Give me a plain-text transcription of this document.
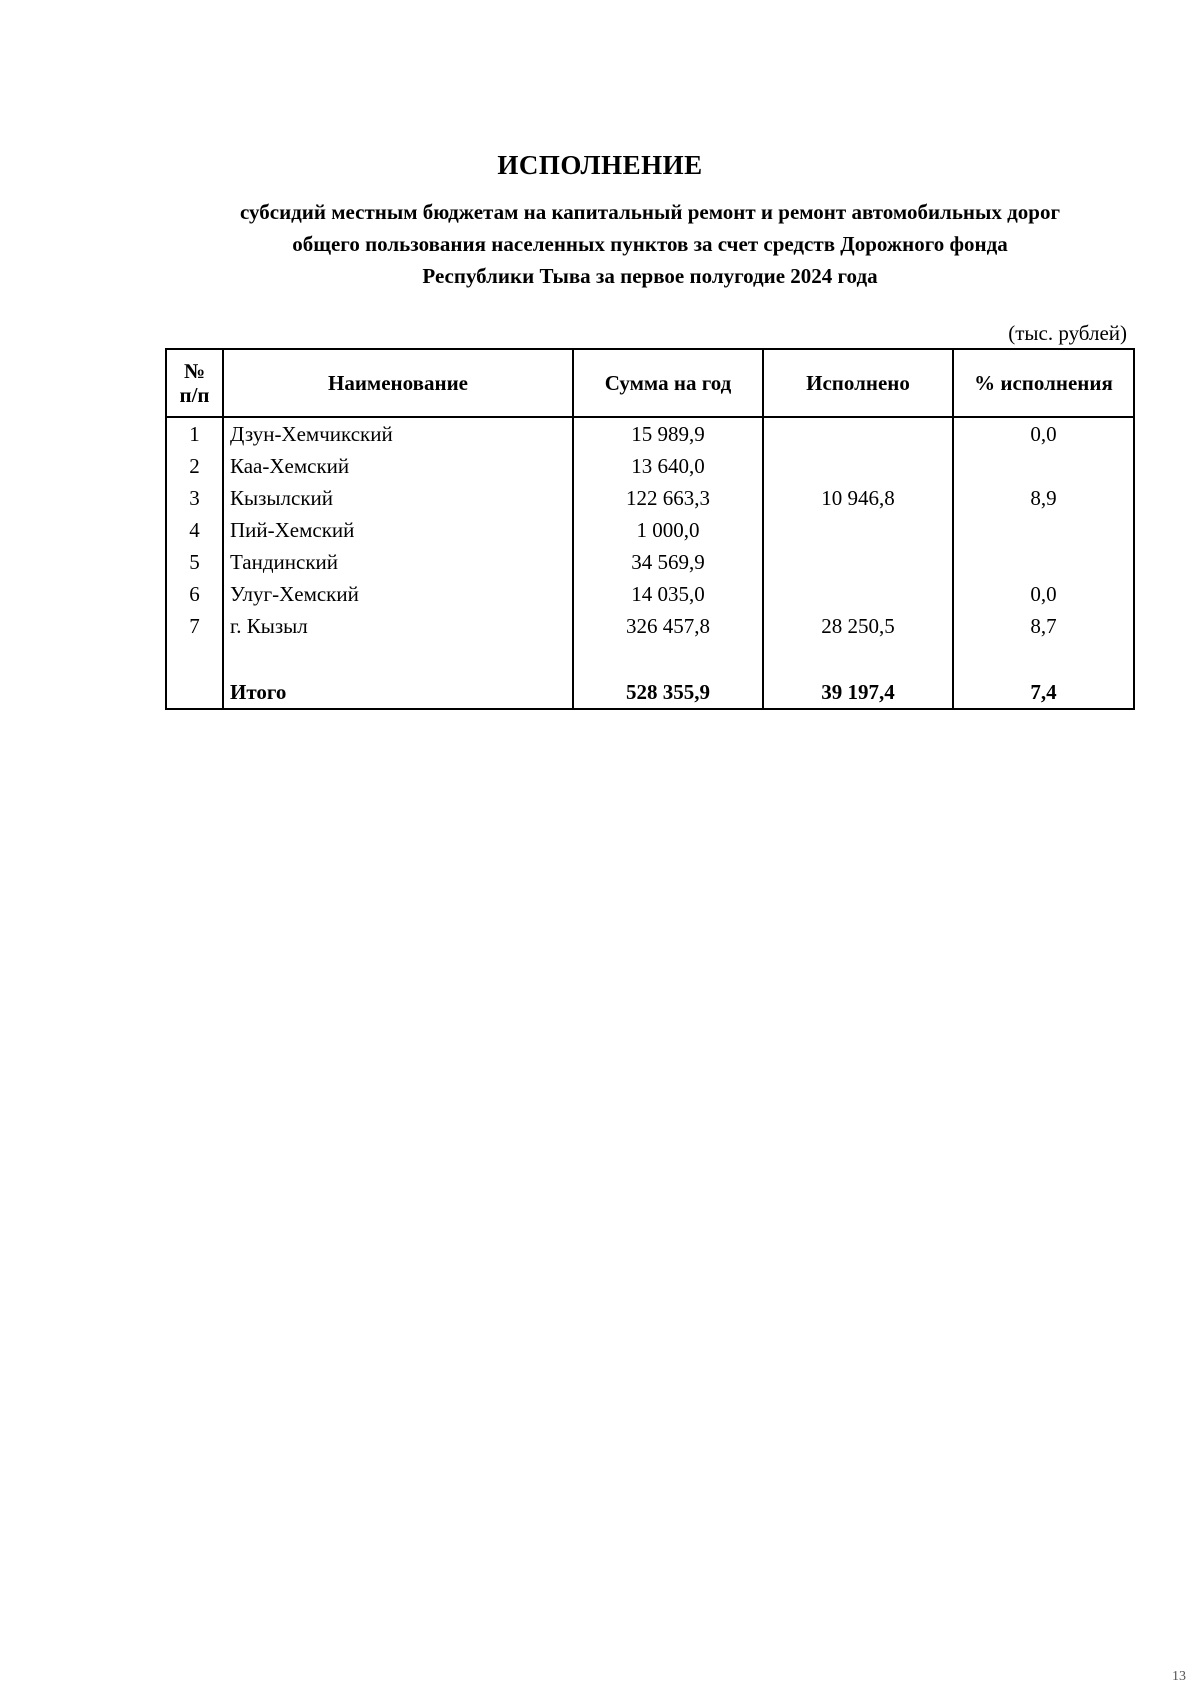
ИСПОЛНЕНИЕ
субсидий местным бюджетам на капитальный ремонт и ремонт автомобильных дорог
общего пользования населенных пунктов за счет средств Дорожного фонда
Республики Тыва за первое полугодие 2024 года
(тыс. рублей)
№
п/п	Наименование	Сумма на год	Исполнено	% исполнения
1	Дзун-Хемчикский	15 989,9		0,0
2	Каа-Хемский	13 640,0		
3	Кызылский	122 663,3	10 946,8	8,9
4	Пий-Хемский	1 000,0		
5	Тандинский	34 569,9		
6	Улуг-Хемский	14 035,0		0,0
7	г. Кызыл	326 457,8	28 250,5	8,7

	Итого	528 355,9	39 197,4	7,4
13
